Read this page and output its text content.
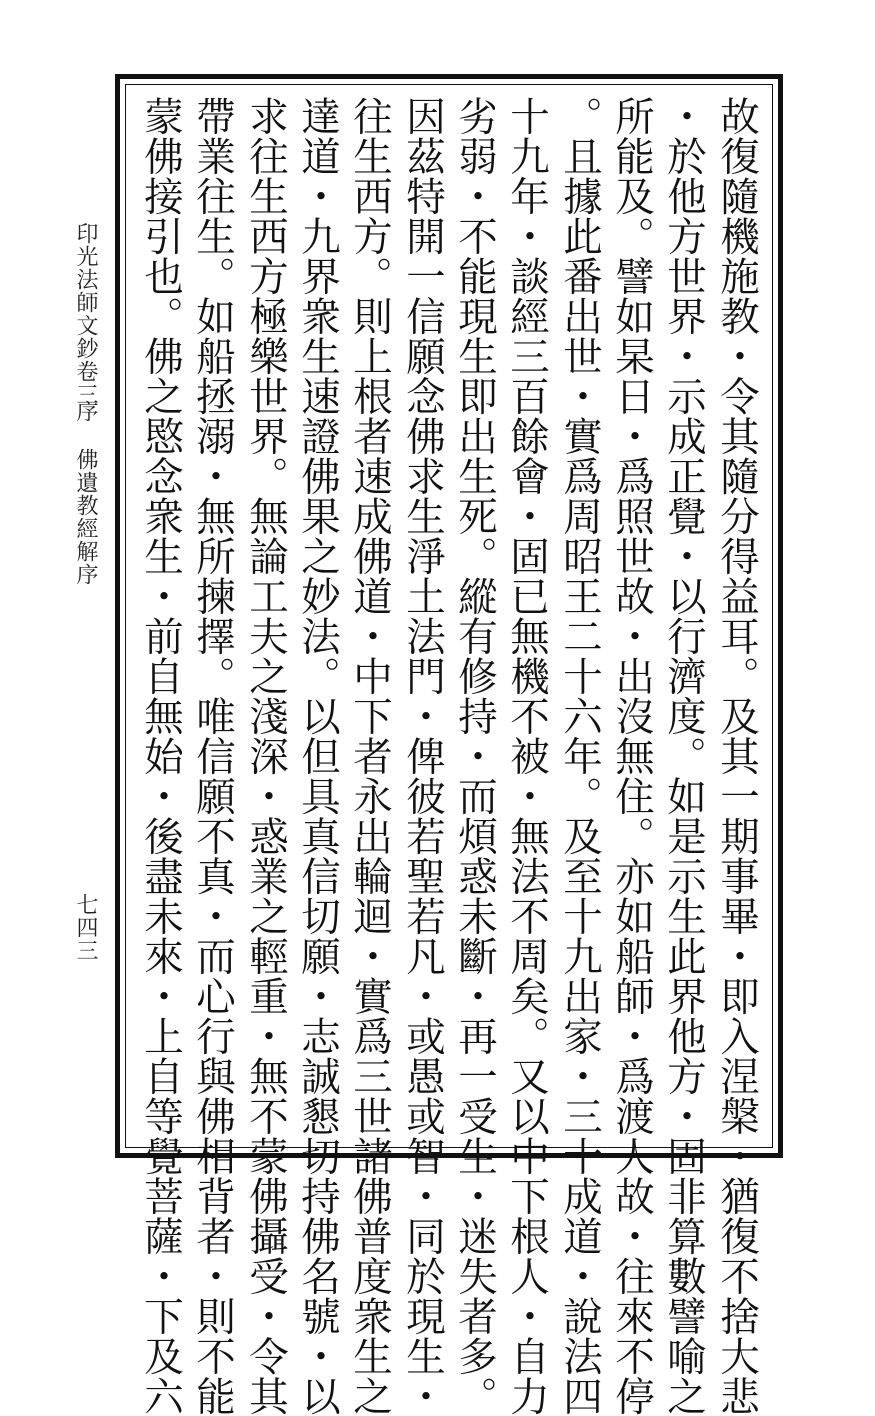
故復隨機施教・令其隨分得益耳。及其一期事畢・即入涅槃・猶復不捨大悲
・於他方世界・示成正覺・以行濟度。如是示生此界他方・固非算數譬喻之
所能及。譬如杲日・爲照世故・出沒無住。亦如船師・爲渡人故・往來不停
。且據此番出世・實爲周昭王二十六年。及至十九出家・三十成道・說法四
十九年・談經三百餘會・固已無機不被・無法不周矣。又以中下根人・自力
劣弱・不能現生即出生死。縱有修持・而煩惑未斷・再一受生・迷失者多。
因茲特開一信願念佛求生淨土法門・俾彼若聖若凡・或愚或智・同於現生・
往生西方。則上根者速成佛道・中下者永出輪迴・實爲三世諸佛普度衆生之
達道・九界衆生速證佛果之妙法。以但具真信切願・志誠懇切持佛名號・以
求往生西方極樂世界。無論工夫之淺深・惑業之輕重・無不蒙佛攝受・令其
帶業往生。如船拯溺・無所揀擇。唯信願不真・而心行與佛相背者・則不能
蒙佛接引也。佛之愍念衆生・前自無始・後盡未來・上自等覺菩薩・下及六
印光法師文鈔卷三
序
佛遺教經解序
七四三
